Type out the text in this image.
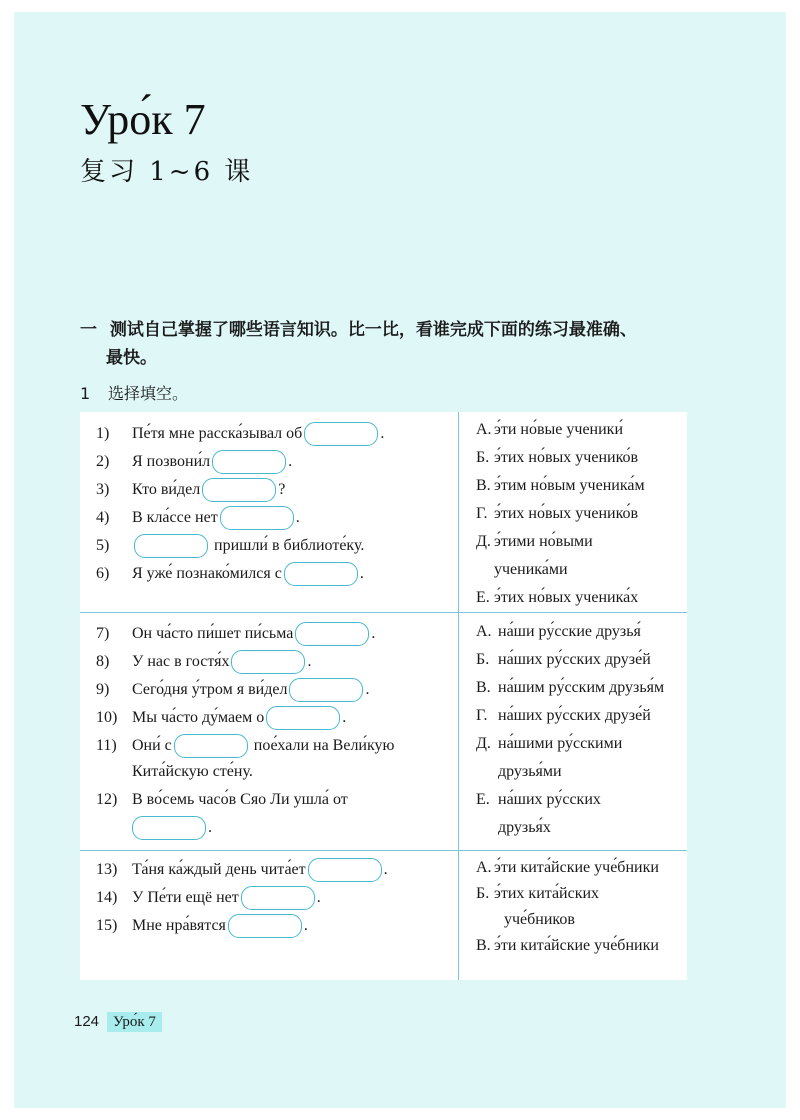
Уро́к 7
复习 1~6 课
一 测试自己掌握了哪些语言知识。比一比，看谁完成下面的练习最准确、
最快。
1 选择填空。
1)	Пе́тя мне расска́зывал об	.
2)	Я позвони́л	.
3)	Кто ви́дел	?
4)	В кла́ссе нет	.
5)	пришли́ в библиоте́ку.
6)	Я уже́ познако́мился с	.
А. э́ти но́вые ученики́
Б. э́тих но́вых ученико́в
В. э́тим но́вым ученика́м
Г. э́тих но́вых ученико́в
Д. э́тими но́выми
ученика́ми
Е. э́тих но́вых ученика́х
7)	Он ча́сто пи́шет пи́сьма	.
8)	У нас в гостя́х	.
9)	Сего́дня у́тром я ви́дел	.
10) Мы ча́сто ду́маем о	.
11) Они́ с	пое́хали на Вели́кую
Кита́йскую сте́ну.
12) В во́семь часо́в Сяо Ли ушла́ от
.
А. на́ши ру́сские друзья́
Б. на́ших ру́сских друзе́й
В. на́шим ру́сским друзья́м
Г. на́ших ру́сских друзе́й
Д. на́шими ру́сскими
друзья́ми
Е. на́ших ру́сских
друзья́х
13) Та́ня ка́ждый день чита́ет	.
14) У Пе́ти ещё нет	.
15) Мне нра́вятся	.
А. э́ти кита́йские уче́бники
Б. э́тих кита́йских
уче́бников
В. э́ти кита́йские уче́бники
124 Уро́к 7
